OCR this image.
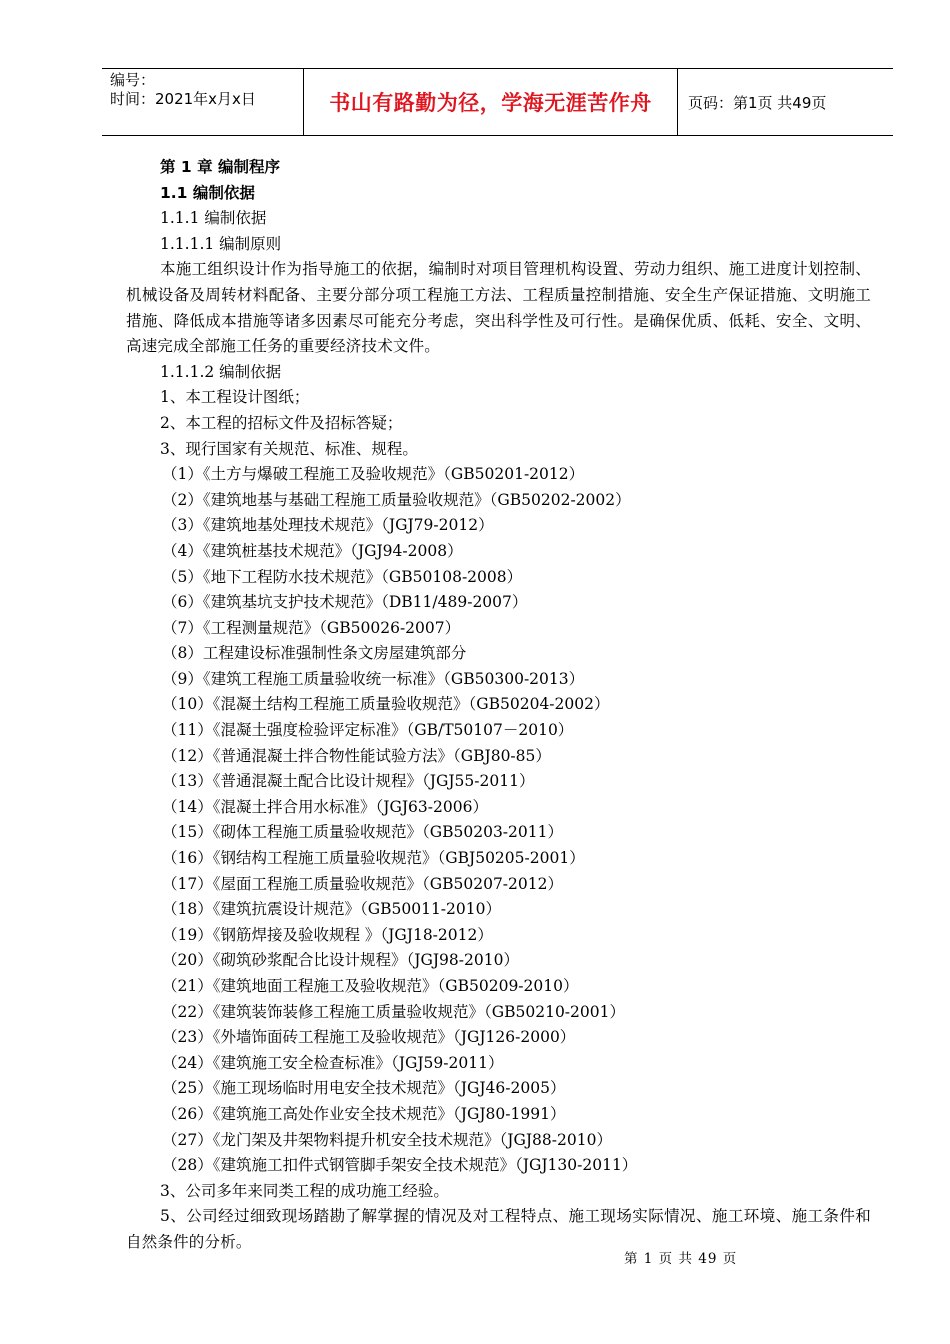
编号：
时间：2021年x月x日	书山有路勤为径，学海无涯苦作舟	页码：第1页 共49页
第 1 章 编制程序
1.1 编制依据
1.1.1 编制依据
1.1.1.1 编制原则
本施工组织设计作为指导施工的依据，编制时对项目管理机构设置、劳动力组织、施工进度计划控制、机械设备及周转材料配备、主要分部分项工程施工方法、工程质量控制措施、安全生产保证措施、文明施工措施、降低成本措施等诸多因素尽可能充分考虑，突出科学性及可行性。是确保优质、低耗、安全、文明、高速完成全部施工任务的重要经济技术文件。
1.1.1.2 编制依据
1、本工程设计图纸；
2、本工程的招标文件及招标答疑；
3、现行国家有关规范、标准、规程。
（1）《土方与爆破工程施工及验收规范》（GB50201-2012）
（2）《建筑地基与基础工程施工质量验收规范》（GB50202-2002）
（3）《建筑地基处理技术规范》（JGJ79-2012）
（4）《建筑桩基技术规范》（JGJ94-2008）
（5）《地下工程防水技术规范》（GB50108-2008）
（6）《建筑基坑支护技术规范》（DB11/489-2007）
（7）《工程测量规范》（GB50026-2007）
（8）工程建设标准强制性条文房屋建筑部分
（9）《建筑工程施工质量验收统一标准》（GB50300-2013）
（10）《混凝土结构工程施工质量验收规范》（GB50204-2002）
（11）《混凝土强度检验评定标准》（GB/T50107－2010）
（12）《普通混凝土拌合物性能试验方法》（GBJ80-85）
（13）《普通混凝土配合比设计规程》（JGJ55-2011）
（14）《混凝土拌合用水标准》（JGJ63-2006）
（15）《砌体工程施工质量验收规范》（GB50203-2011）
（16）《钢结构工程施工质量验收规范》（GBJ50205-2001）
（17）《屋面工程施工质量验收规范》（GB50207-2012）
（18）《建筑抗震设计规范》（GB50011-2010）
（19）《钢筋焊接及验收规程 》（JGJ18-2012）
（20）《砌筑砂浆配合比设计规程》（JGJ98-2010）
（21）《建筑地面工程施工及验收规范》（GB50209-2010）
（22）《建筑装饰装修工程施工质量验收规范》（GB50210-2001）
（23）《外墙饰面砖工程施工及验收规范》（JGJ126-2000）
（24）《建筑施工安全检查标准》（JGJ59-2011）
（25）《施工现场临时用电安全技术规范》（JGJ46-2005）
（26）《建筑施工高处作业安全技术规范》（JGJ80-1991）
（27）《龙门架及井架物料提升机安全技术规范》（JGJ88-2010）
（28）《建筑施工扣件式钢管脚手架安全技术规范》（JGJ130-2011）
3、公司多年来同类工程的成功施工经验。
5、公司经过细致现场踏勘了解掌握的情况及对工程特点、施工现场实际情况、施工环境、施工条件和自然条件的分析。
第 1 页 共 49 页
